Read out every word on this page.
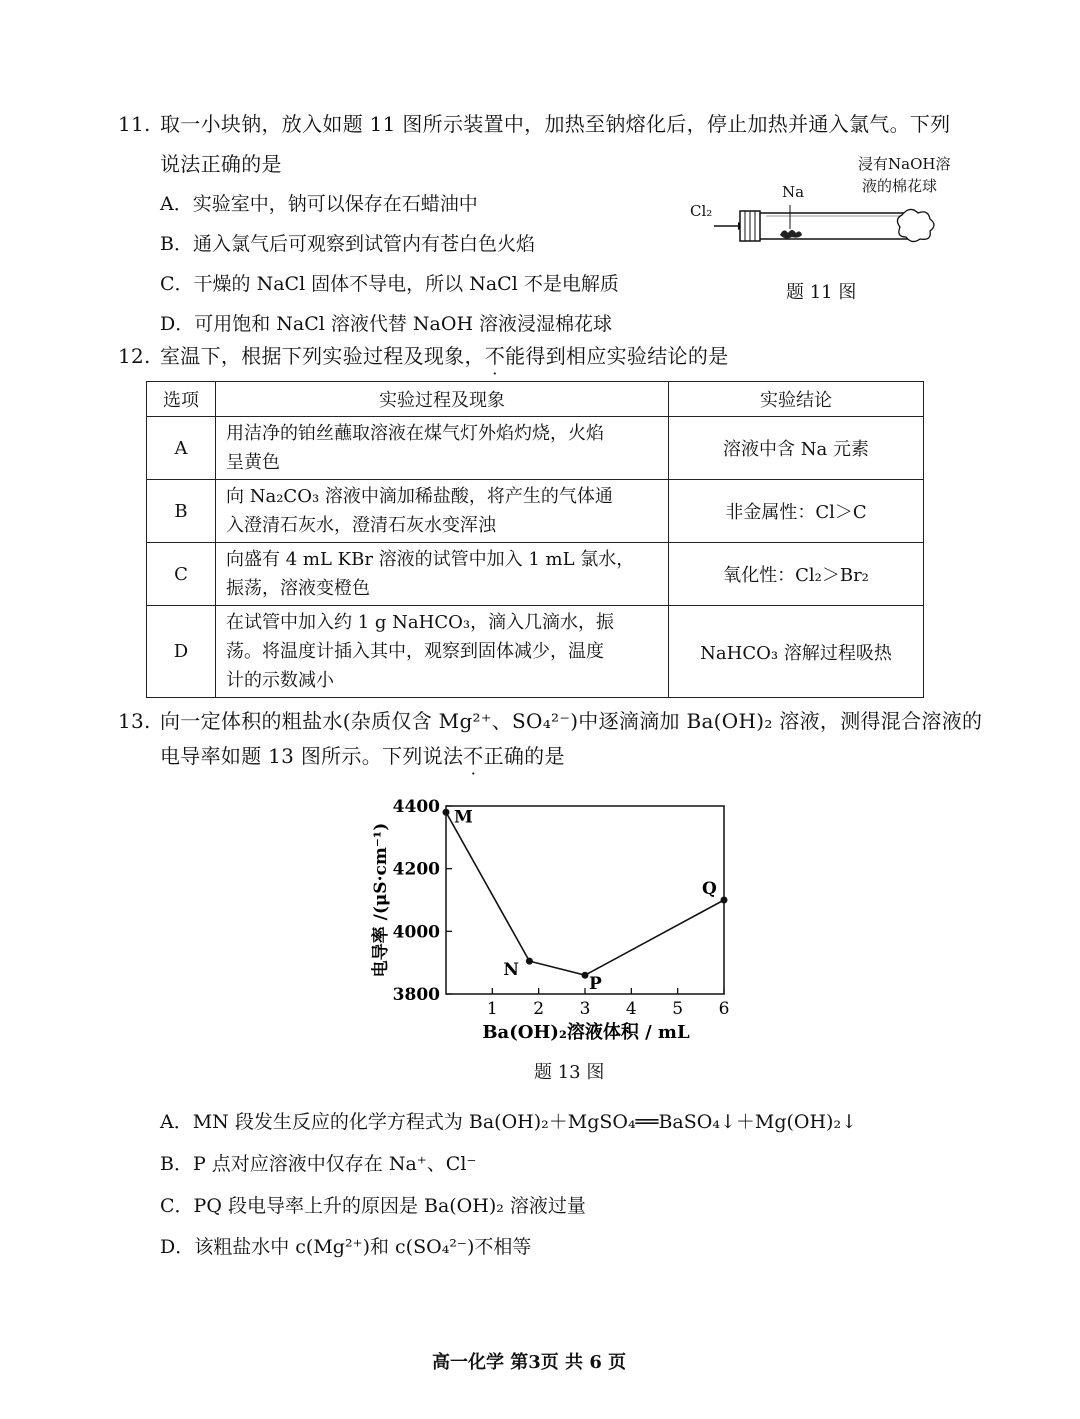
11. 取一小块钠，放入如题 11 图所示装置中，加热至钠熔化后，停止加热并通入氯气。下列
说法正确的是
A．实验室中，钠可以保存在石蜡油中
B．通入氯气后可观察到试管内有苍白色火焰
C．干燥的 NaCl 固体不导电，所以 NaCl 不是电解质
D．可用饱和 NaCl 溶液代替 NaOH 溶液浸湿棉花球
浸有NaOH溶
液的棉花球
Na
Cl₂
题 11 图
12. 室温下，根据下列实验过程及现象，不能得到相应实验结论的是
选项	实验过程及现象	实验结论
A	用洁净的铂丝蘸取溶液在煤气灯外焰灼烧，火焰
呈黄色	溶液中含 Na 元素
B	向 Na₂CO₃ 溶液中滴加稀盐酸，将产生的气体通
入澄清石灰水，澄清石灰水变浑浊	非金属性：Cl＞C
C	向盛有 4 mL KBr 溶液的试管中加入 1 mL 氯水，
振荡，溶液变橙色	氧化性：Cl₂＞Br₂
D	在试管中加入约 1 g NaHCO₃，滴入几滴水，振
荡。将温度计插入其中，观察到固体减少，温度
计的示数减小	NaHCO₃ 溶解过程吸热
13. 向一定体积的粗盐水(杂质仅含 Mg²⁺、SO₄²⁻)中逐滴滴加 Ba(OH)₂ 溶液，测得混合溶液的
电导率如题 13 图所示。下列说法不正确的是
3800
4000
4200
4400
1 2 3 4 5 6
M
N
P
Q
电导率 /(μS·cm⁻¹)
Ba(OH)₂溶液体积 / mL
题 13 图
A．MN 段发生反应的化学方程式为 Ba(OH)₂＋MgSO₄══BaSO₄↓＋Mg(OH)₂↓
B．P 点对应溶液中仅存在 Na⁺、Cl⁻
C．PQ 段电导率上升的原因是 Ba(OH)₂ 溶液过量
D．该粗盐水中 c(Mg²⁺)和 c(SO₄²⁻)不相等
高一化学 第3页 共 6 页
